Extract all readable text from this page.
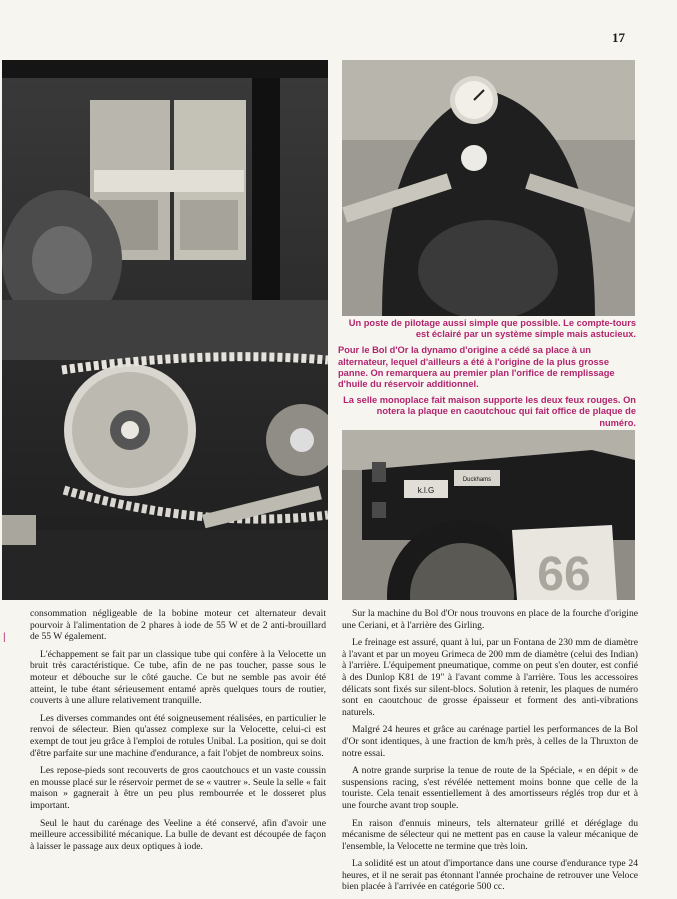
17

Un poste de pilotage aussi simple que possible. Le compte-tours est éclairé par un système simple mais astucieux.

Pour le Bol d'Or la dynamo d'origine a cédé sa place à un alternateur, lequel d'ailleurs a été à l'origine de la plus grosse panne. On remarquera au premier plan l'orifice de remplissage d'huile du réservoir additionnel.

La selle monoplace fait maison supporte les deux feux rouges. On notera la plaque en caoutchouc qui fait office de plaque de numéro.

k.l.G
Duckhams
66
|

consommation négligeable de la bobine moteur cet alternateur devait pourvoir à l'alimentation de 2 phares à iode de 55 W et de 2 anti-brouillard de 55 W également.

L'échappement se fait par un classique tube qui confère à la Velocette un bruit très caractéristique. Ce tube, afin de ne pas toucher, passe sous le moteur et débouche sur le côté gauche. Ce but ne semble pas avoir été atteint, le tube étant sérieusement entamé après quelques tours de routier, couverts à une allure relativement tranquille.

Les diverses commandes ont été soigneusement réalisées, en particulier le renvoi de sélecteur. Bien qu'assez complexe sur la Velocette, celui-ci est exempt de tout jeu grâce à l'emploi de rotules Unibal. La position, qui se doit d'être parfaite sur une machine d'endurance, a fait l'objet de nombreux soins.

Les repose-pieds sont recouverts de gros caoutchoucs et un vaste coussin en mousse placé sur le réservoir permet de se « vautrer ». Seule la selle « fait maison » gagnerait à être un peu plus rembourrée et le dosseret plus important.

Seul le haut du carénage des Veeline a été conservé, afin d'avoir une meilleure accessibilité mécanique. La bulle de devant est découpée de façon à laisser le passage aux deux optiques à iode.

Sur la machine du Bol d'Or nous trouvons en place de la fourche d'origine une Ceriani, et à l'arrière des Girling.

Le freinage est assuré, quant à lui, par un Fontana de 230 mm de diamètre à l'avant et par un moyeu Grimeca de 200 mm de diamètre (celui des Indian) à l'arrière. L'équipement pneumatique, comme on peut s'en douter, est confié à des Dunlop K81 de 19" à l'avant comme à l'arrière. Tous les accessoires délicats sont fixés sur silent-blocs. Solution à retenir, les plaques de numéro sont en caoutchouc de grosse épaisseur et forment des anti-vibrations naturels.

Malgré 24 heures et grâce au carénage partiel les performances de la Bol d'Or sont identiques, à une fraction de km/h près, à celles de la Thruxton de notre essai.

A notre grande surprise la tenue de route de la Spéciale, « en dépit » de suspensions racing, s'est révélée nettement moins bonne que celle de la touriste. Cela tenait essentiellement à des amortisseurs réglés trop dur et à une fourche avant trop souple.

En raison d'ennuis mineurs, tels alternateur grillé et déréglage du mécanisme de sélecteur qui ne mettent pas en cause la valeur mécanique de l'ensemble, la Velocette ne termine que très loin.

La solidité est un atout d'importance dans une course d'endurance type 24 heures, et il ne serait pas étonnant l'année prochaine de retrouver une Veloce bien placée à l'arrivée en catégorie 500 cc.
